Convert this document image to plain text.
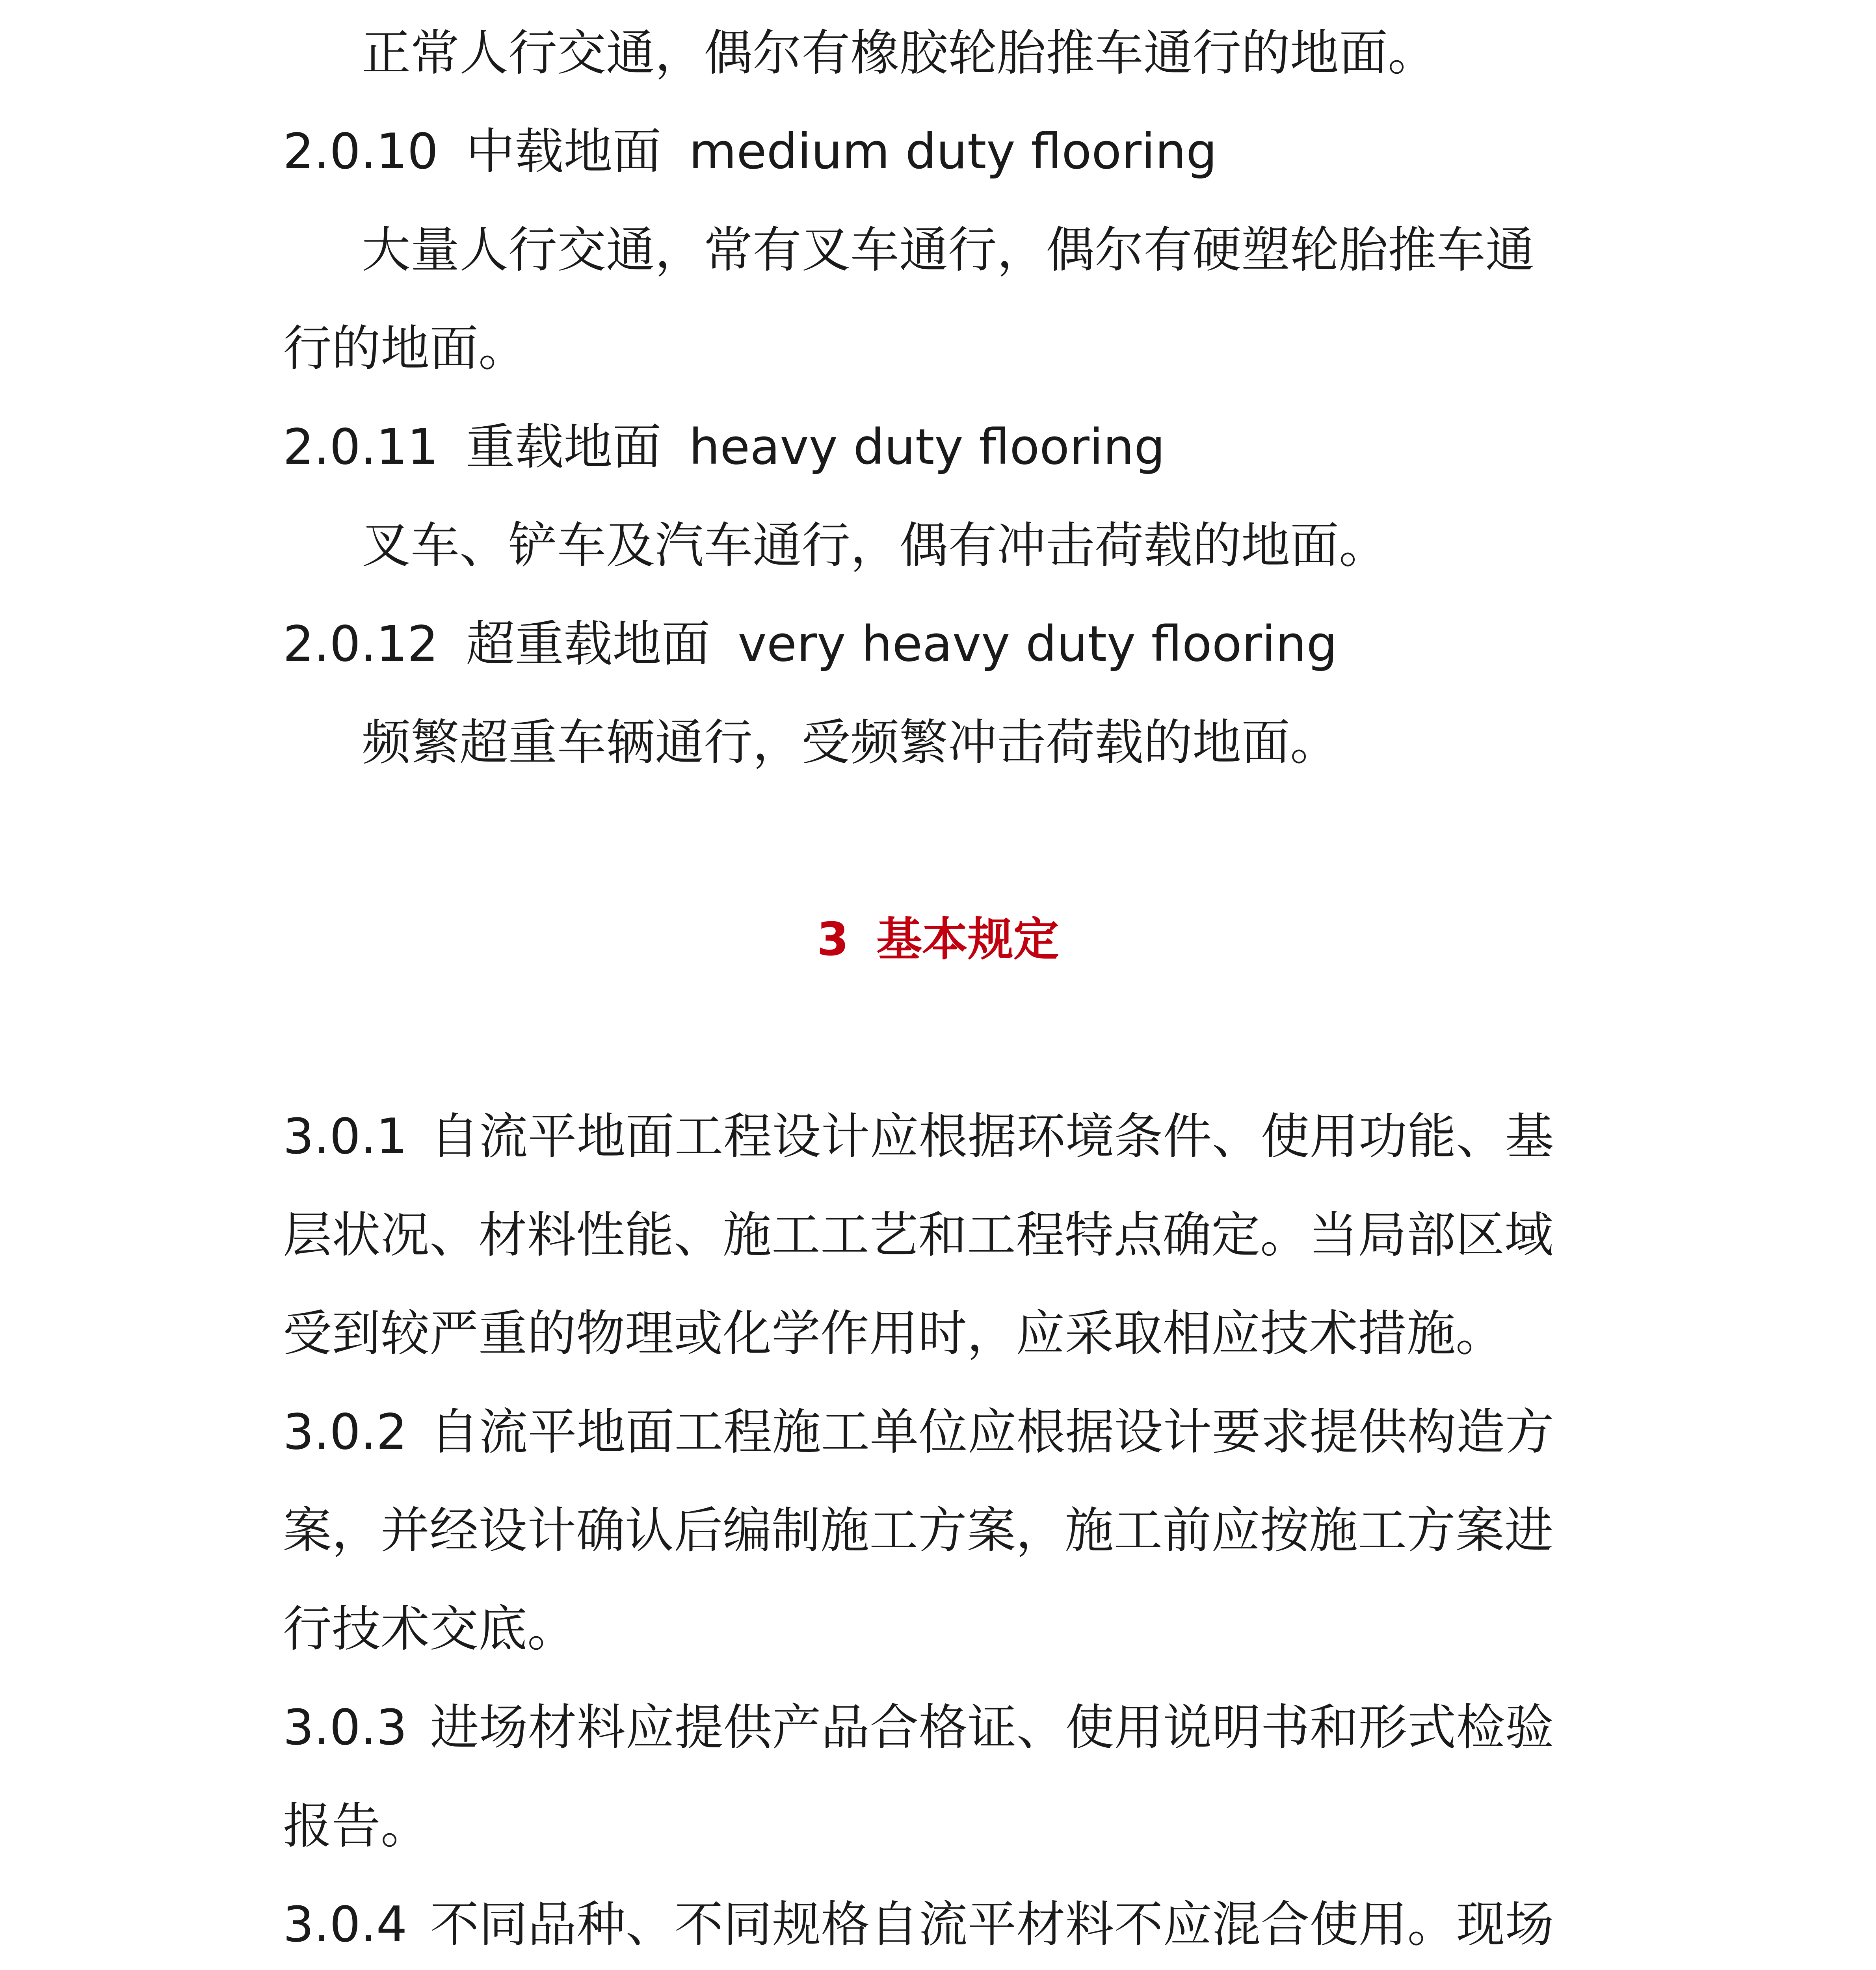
正常人行交通，偶尔有橡胶轮胎推车通行的地面。
2.0.10 中载地面 medium duty flooring
大量人行交通，常有叉车通行，偶尔有硬塑轮胎推车通
行的地面。
2.0.11 重载地面 heavy duty flooring
叉车、铲车及汽车通行，偶有冲击荷载的地面。
2.0.12 超重载地面 very heavy duty flooring
频繁超重车辆通行，受频繁冲击荷载的地面。
3 基本规定
3.0.1 自流平地面工程设计应根据环境条件、使用功能、基
层状况、材料性能、施工工艺和工程特点确定。当局部区域
受到较严重的物理或化学作用时，应采取相应技术措施。
3.0.2 自流平地面工程施工单位应根据设计要求提供构造方
案，并经设计确认后编制施工方案，施工前应按施工方案进
行技术交底。
3.0.3 进场材料应提供产品合格证、使用说明书和形式检验
报告。
3.0.4 不同品种、不同规格自流平材料不应混合使用。现场
